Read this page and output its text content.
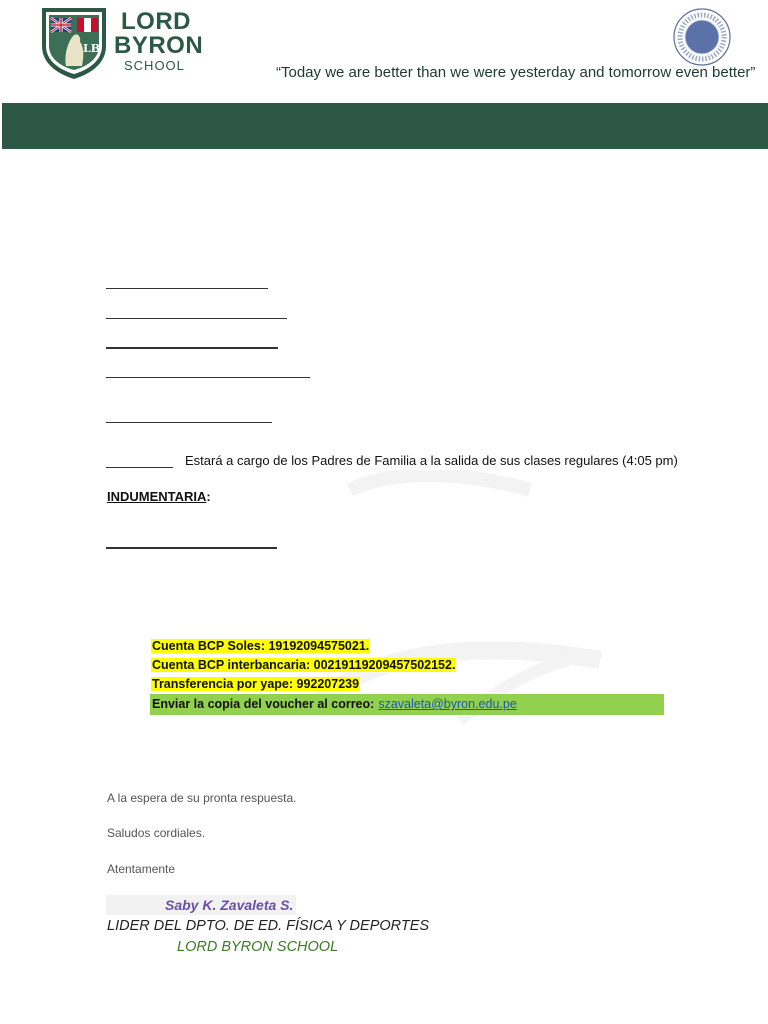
LB
LORD
BYRON
SCHOOL	“Today we are better than we were yesterday and tomorrow even better”
Estará a cargo de los Padres de Familia a la salida de sus clases regulares (4:05 pm)
INDUMENTARIA:
Cuenta BCP Soles: 19192094575021.
Cuenta BCP interbancaria: 00219119209457502152.
Transferencia por yape: 992207239
Enviar la copia del voucher al correo: szavaleta@byron.edu.pe
A la espera de su pronta respuesta.
Saludos cordiales.
Atentamente
Saby K. Zavaleta S.
LIDER DEL DPTO. DE ED. FÍSICA Y DEPORTES
LORD BYRON SCHOOL
